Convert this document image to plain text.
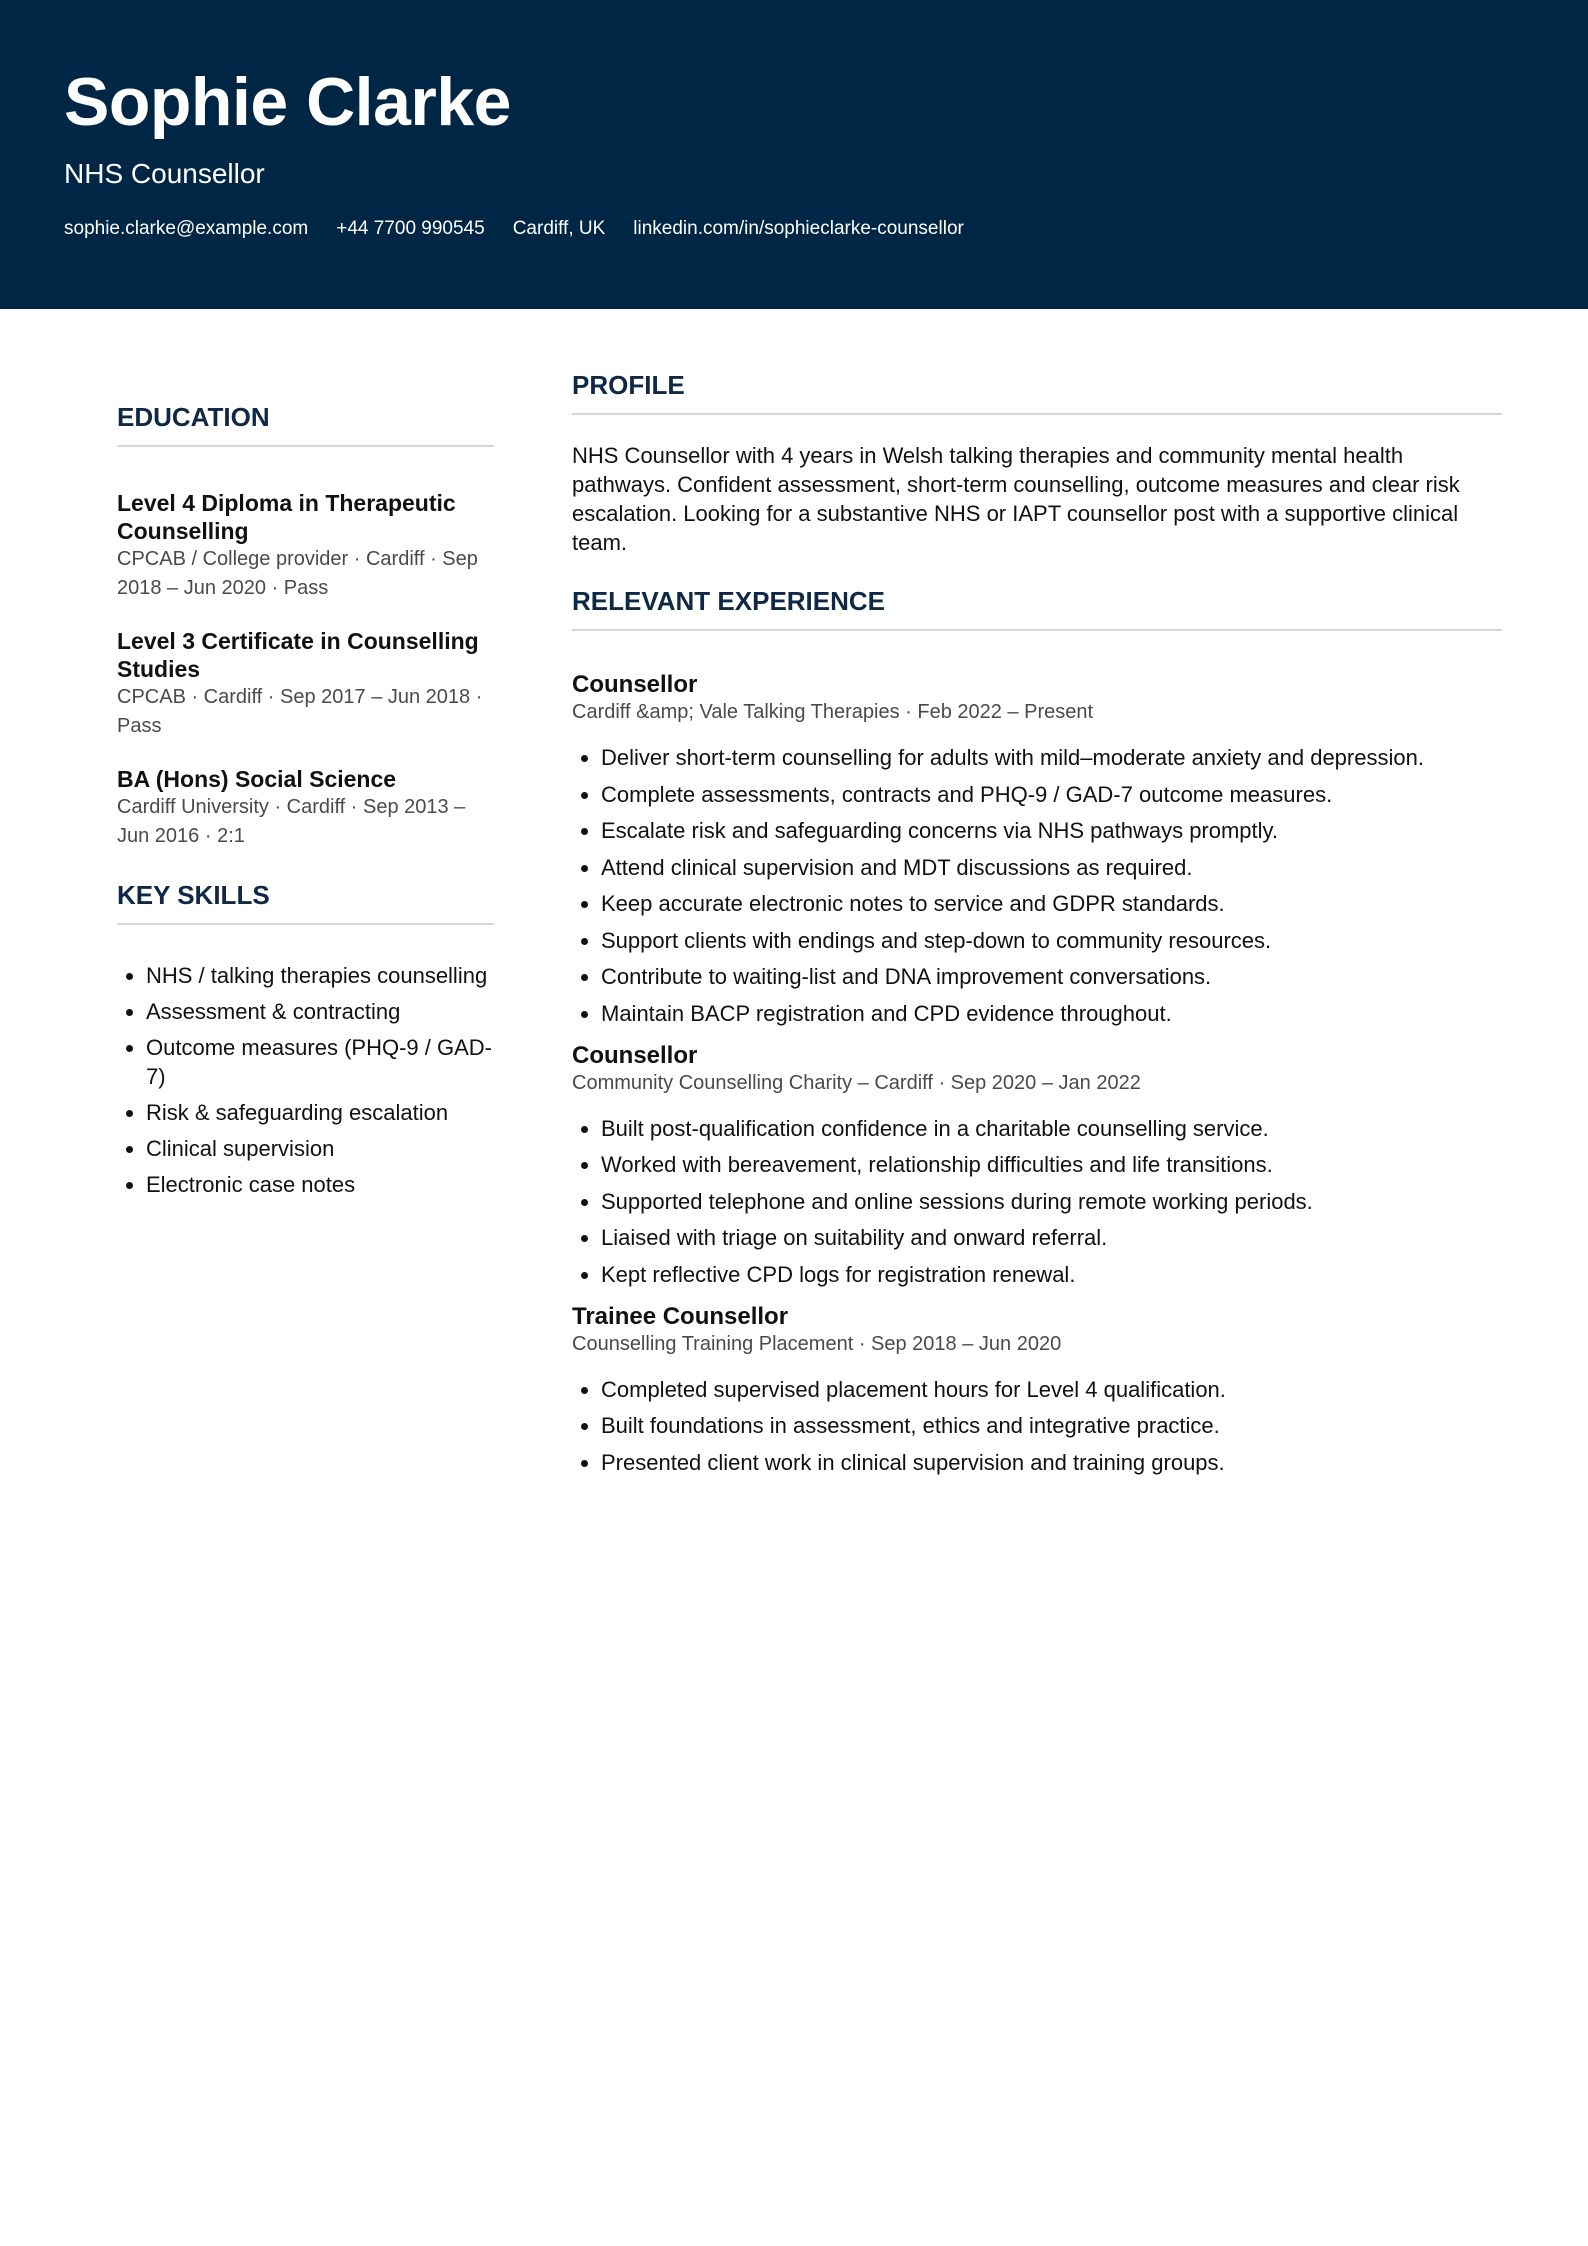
Sophie Clarke
NHS Counsellor
sophie.clarke@example.com +44 7700 990545 Cardiff, UK linkedin.com/in/sophieclarke-counsellor
EDUCATION
Level 4 Diploma in Therapeutic Counselling
CPCAB / College provider · Cardiff · Sep 2018 – Jun 2020 · Pass
Level 3 Certificate in Counselling Studies
CPCAB · Cardiff · Sep 2017 – Jun 2018 · Pass
BA (Hons) Social Science
Cardiff University · Cardiff · Sep 2013 – Jun 2016 · 2:1
KEY SKILLS
• NHS / talking therapies counselling
• Assessment & contracting
• Outcome measures (PHQ-9 / GAD-7)
• Risk & safeguarding escalation
• Clinical supervision
• Electronic case notes
PROFILE

NHS Counsellor with 4 years in Welsh talking therapies and community mental health pathways. Confident assessment, short-term counselling, outcome measures and clear risk escalation. Looking for a substantive NHS or IAPT counsellor post with a supportive clinical team.

RELEVANT EXPERIENCE
Counsellor
Cardiff &amp; Vale Talking Therapies · Feb 2022 – Present
• Deliver short-term counselling for adults with mild–moderate anxiety and depression.
• Complete assessments, contracts and PHQ-9 / GAD-7 outcome measures.
• Escalate risk and safeguarding concerns via NHS pathways promptly.
• Attend clinical supervision and MDT discussions as required.
• Keep accurate electronic notes to service and GDPR standards.
• Support clients with endings and step-down to community resources.
• Contribute to waiting-list and DNA improvement conversations.
• Maintain BACP registration and CPD evidence throughout.
Counsellor
Community Counselling Charity – Cardiff · Sep 2020 – Jan 2022
• Built post-qualification confidence in a charitable counselling service.
• Worked with bereavement, relationship difficulties and life transitions.
• Supported telephone and online sessions during remote working periods.
• Liaised with triage on suitability and onward referral.
• Kept reflective CPD logs for registration renewal.
Trainee Counsellor
Counselling Training Placement · Sep 2018 – Jun 2020
• Completed supervised placement hours for Level 4 qualification.
• Built foundations in assessment, ethics and integrative practice.
• Presented client work in clinical supervision and training groups.
